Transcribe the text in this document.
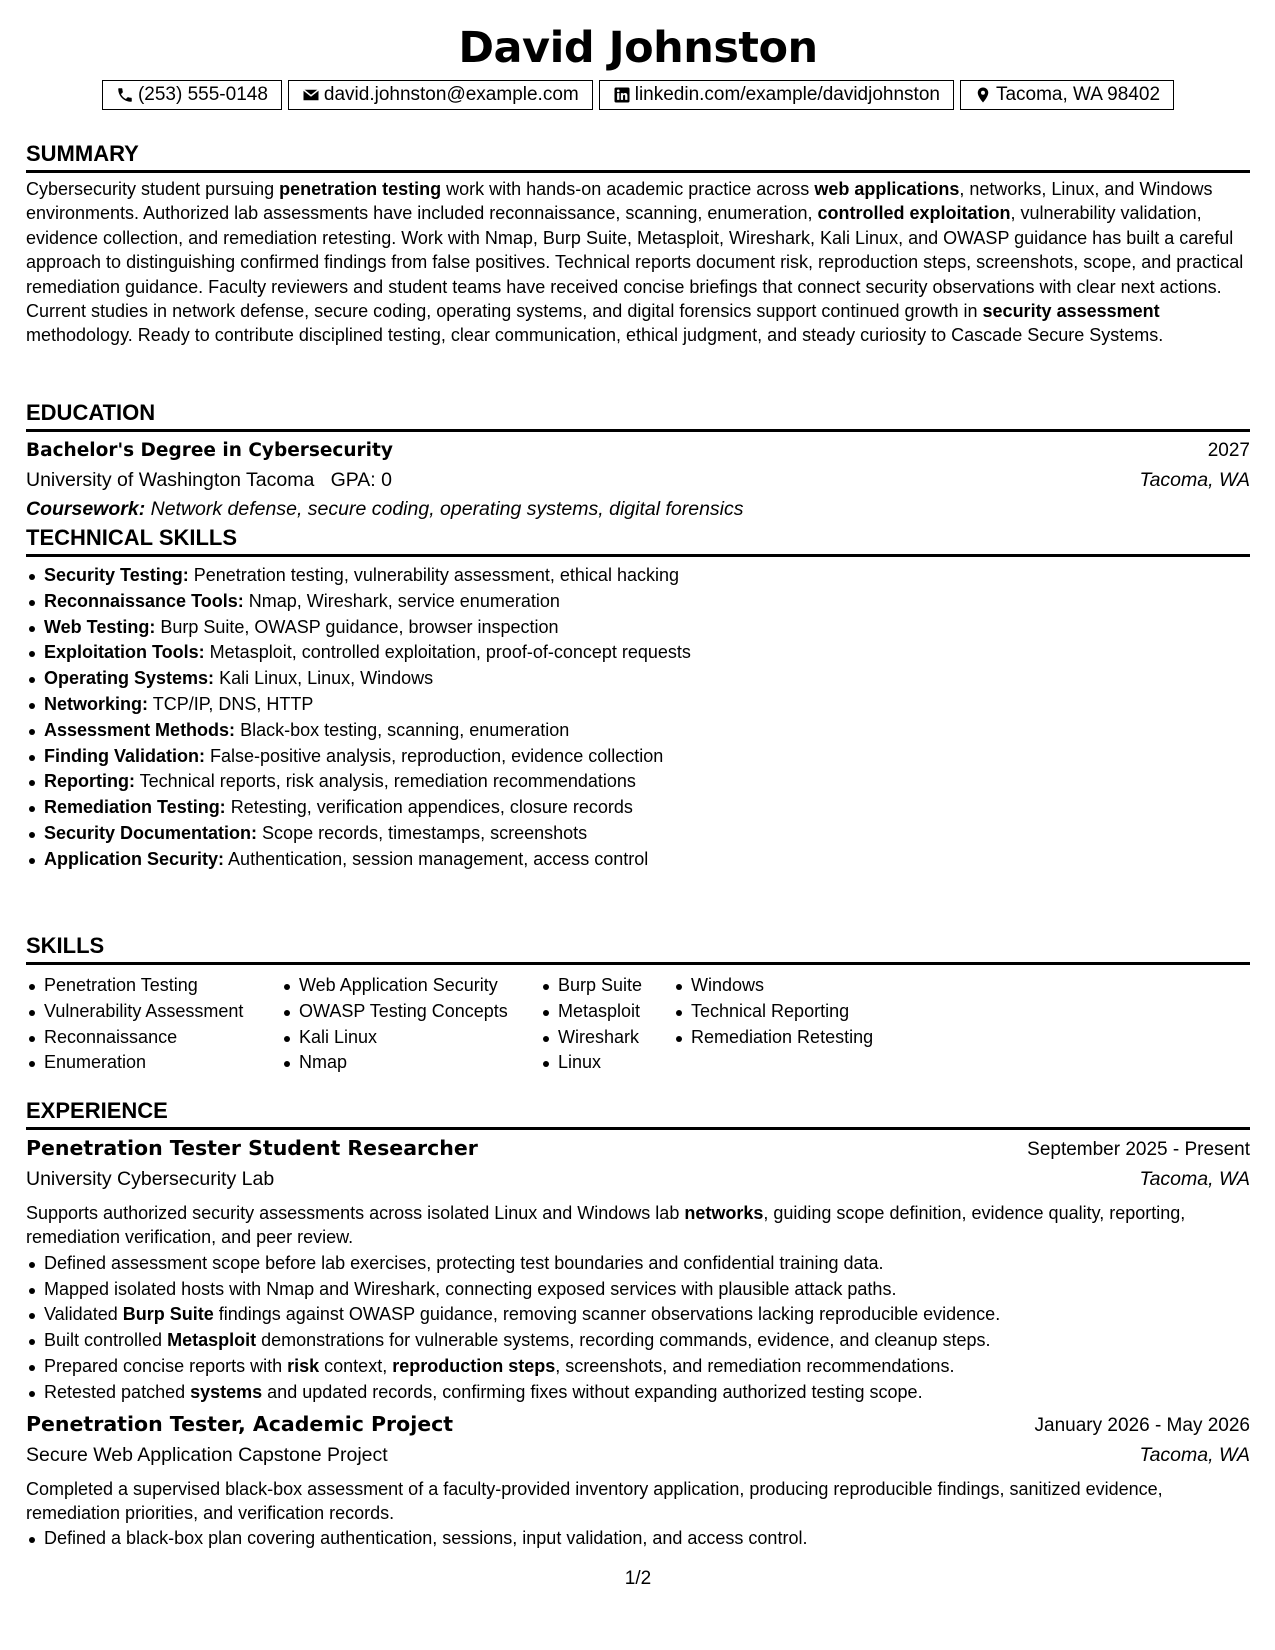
David Johnston
(253) 555-0148	david.johnston@example.com	linkedin.com/example/davidjohnston	Tacoma, WA 98402
SUMMARY
Cybersecurity student pursuing penetration testing work with hands-on academic practice across web applications, networks, Linux, and Windows environments. Authorized lab assessments have included reconnaissance, scanning, enumeration, controlled exploitation, vulnerability validation, evidence collection, and remediation retesting. Work with Nmap, Burp Suite, Metasploit, Wireshark, Kali Linux, and OWASP guidance has built a careful approach to distinguishing confirmed findings from false positives. Technical reports document risk, reproduction steps, screenshots, scope, and practical remediation guidance. Faculty reviewers and student teams have received concise briefings that connect security observations with clear next actions. Current studies in network defense, secure coding, operating systems, and digital forensics support continued growth in security assessment methodology. Ready to contribute disciplined testing, clear communication, ethical judgment, and steady curiosity to Cascade Secure Systems.
EDUCATION
Bachelor's Degree in Cybersecurity	2027
University of Washington Tacoma GPA: 0	Tacoma, WA
Coursework: Network defense, secure coding, operating systems, digital forensics
TECHNICAL SKILLS
Security Testing: Penetration testing, vulnerability assessment, ethical hacking
Reconnaissance Tools: Nmap, Wireshark, service enumeration
Web Testing: Burp Suite, OWASP guidance, browser inspection
Exploitation Tools: Metasploit, controlled exploitation, proof-of-concept requests
Operating Systems: Kali Linux, Linux, Windows
Networking: TCP/IP, DNS, HTTP
Assessment Methods: Black-box testing, scanning, enumeration
Finding Validation: False-positive analysis, reproduction, evidence collection
Reporting: Technical reports, risk analysis, remediation recommendations
Remediation Testing: Retesting, verification appendices, closure records
Security Documentation: Scope records, timestamps, screenshots
Application Security: Authentication, session management, access control
SKILLS
Penetration Testing
Vulnerability Assessment
Reconnaissance
Enumeration
Web Application Security
OWASP Testing Concepts
Kali Linux
Nmap
Burp Suite
Metasploit
Wireshark
Linux
Windows
Technical Reporting
Remediation Retesting
EXPERIENCE
Penetration Tester Student Researcher	September 2025 - Present
University Cybersecurity Lab	Tacoma, WA
Supports authorized security assessments across isolated Linux and Windows lab networks, guiding scope definition, evidence quality, reporting, remediation verification, and peer review.
Defined assessment scope before lab exercises, protecting test boundaries and confidential training data.
Mapped isolated hosts with Nmap and Wireshark, connecting exposed services with plausible attack paths.
Validated Burp Suite findings against OWASP guidance, removing scanner observations lacking reproducible evidence.
Built controlled Metasploit demonstrations for vulnerable systems, recording commands, evidence, and cleanup steps.
Prepared concise reports with risk context, reproduction steps, screenshots, and remediation recommendations.
Retested patched systems and updated records, confirming fixes without expanding authorized testing scope.
Penetration Tester, Academic Project	January 2026 - May 2026
Secure Web Application Capstone Project	Tacoma, WA
Completed a supervised black-box assessment of a faculty-provided inventory application, producing reproducible findings, sanitized evidence, remediation priorities, and verification records.
Defined a black-box plan covering authentication, sessions, input validation, and access control.
1/2
